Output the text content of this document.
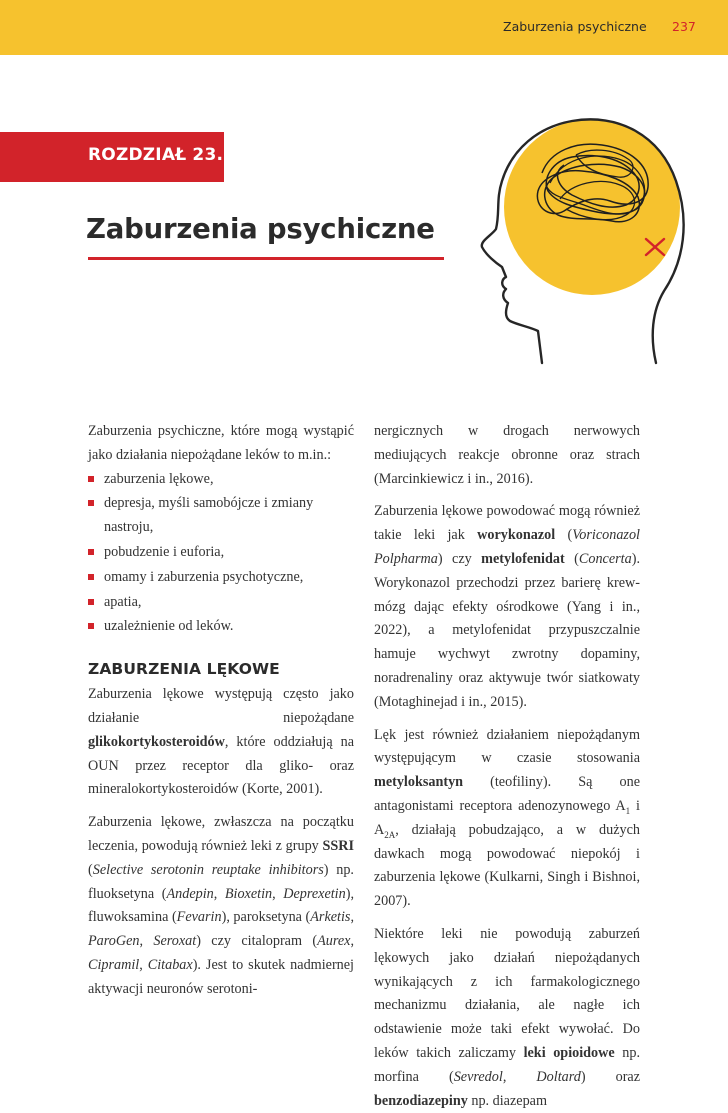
Zaburzenia psychiczne 237
ROZDZIAŁ 23.
Zaburzenia psychiczne

Zaburzenia psychiczne, które mogą wystąpić jako działania niepożądane leków to m.in.:

zaburzenia lękowe,
depresja, myśli samobójcze i zmiany nastroju,
pobudzenie i euforia,
omamy i zaburzenia psychotyczne,
apatia,
uzależnienie od leków.
ZABURZENIA LĘKOWE

Zaburzenia lękowe występują często jako działanie niepożądane glikokortykosteroidów, które oddziałują na OUN przez receptor dla gliko- oraz mineralokortykosteroidów (Korte, 2001).

Zaburzenia lękowe, zwłaszcza na początku leczenia, powodują również leki z grupy SSRI (Selective serotonin reuptake inhibitors) np. fluoksetyna (Andepin, Bioxetin, Deprexetin), fluwoksamina (Fevarin), paroksetyna (Arketis, ParoGen, Seroxat) czy citalopram (Aurex, Cipramil, Citabax). Jest to skutek nadmiernej aktywacji neuronów serotoni-

nergicznych w drogach nerwowych mediujących reakcje obronne oraz strach (Marcinkiewicz i in., 2016).

Zaburzenia lękowe powodować mogą również takie leki jak worykonazol (Voriconazol Polpharma) czy metylofenidat (Concerta). Worykonazol przechodzi przez barierę krew-mózg dając efekty ośrodkowe (Yang i in., 2022), a metylofenidat przypuszczalnie hamuje wychwyt zwrotny dopaminy, noradrenaliny oraz aktywuje twór siatkowaty (Motaghinejad i in., 2015).

Lęk jest również działaniem niepożądanym występującym w czasie stosowania metyloksantyn (teofiliny). Są one antagonistami receptora adenozynowego $A_1$ i $A_{2A}$, działają pobudzająco, a w dużych dawkach mogą powodować niepokój i zaburzenia lękowe (Kulkarni, Singh i Bishnoi, 2007).

Niektóre leki nie powodują zaburzeń lękowych jako działań niepożądanych wynikających z ich farmakologicznego mechanizmu działania, ale nagłe ich odstawienie może taki efekt wywołać. Do leków takich zaliczamy leki opioidowe np. morfina (Sevredol, Doltard) oraz benzodiazepiny np. diazepam
